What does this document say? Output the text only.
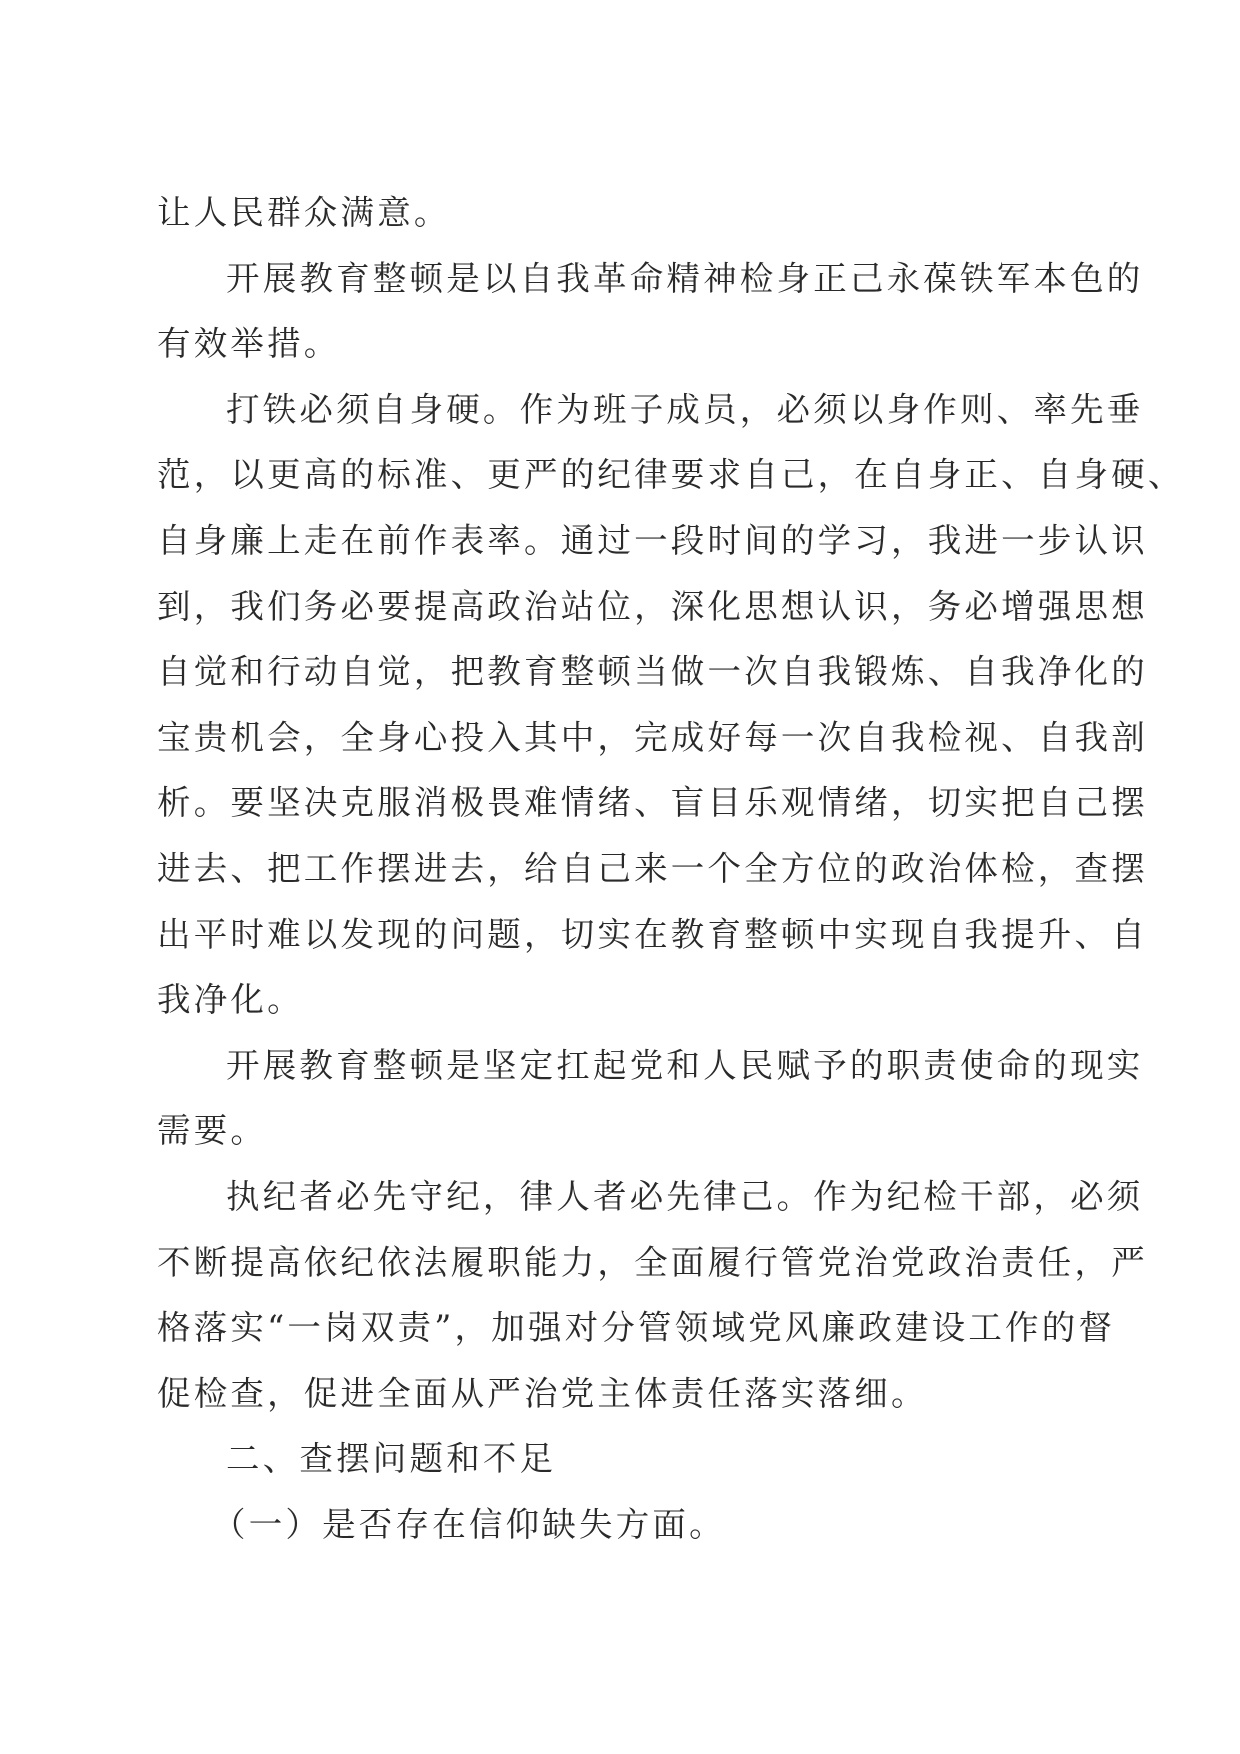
让人民群众满意。
开展教育整顿是以自我革命精神检身正己永葆铁军本色的
有效举措。
打铁必须自身硬。作为班子成员，必须以身作则、率先垂
范，以更高的标准、更严的纪律要求自己，在自身正、自身硬、
自身廉上走在前作表率。通过一段时间的学习，我进一步认识
到，我们务必要提高政治站位，深化思想认识，务必增强思想
自觉和行动自觉，把教育整顿当做一次自我锻炼、自我净化的
宝贵机会，全身心投入其中，完成好每一次自我检视、自我剖
析。要坚决克服消极畏难情绪、盲目乐观情绪，切实把自己摆
进去、把工作摆进去，给自己来一个全方位的政治体检，查摆
出平时难以发现的问题，切实在教育整顿中实现自我提升、自
我净化。
开展教育整顿是坚定扛起党和人民赋予的职责使命的现实
需要。
执纪者必先守纪，律人者必先律己。作为纪检干部，必须
不断提高依纪依法履职能力，全面履行管党治党政治责任，严
格落实“一岗双责”，加强对分管领域党风廉政建设工作的督
促检查，促进全面从严治党主体责任落实落细。
二、查摆问题和不足
（一）是否存在信仰缺失方面。
